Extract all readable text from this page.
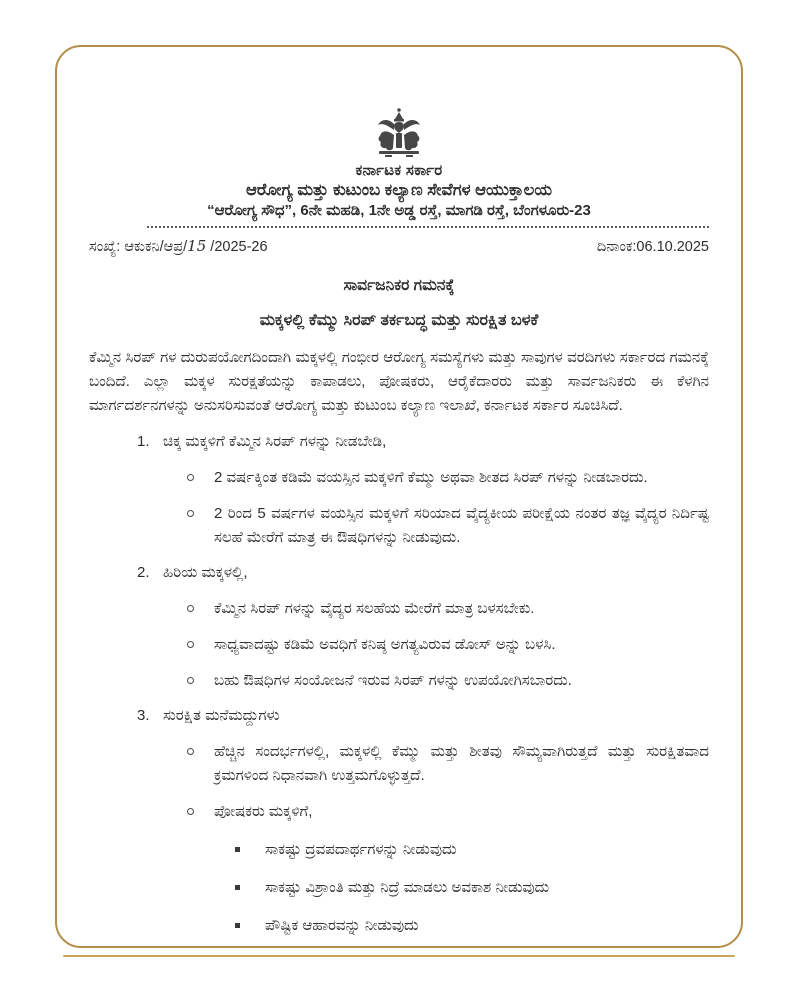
ಕರ್ನಾಟಕ ಸರ್ಕಾರ
ಆರೋಗ್ಯ ಮತ್ತು ಕುಟುಂಬ ಕಲ್ಯಾಣ ಸೇವೆಗಳ ಆಯುಕ್ತಾಲಯ
“ಆರೋಗ್ಯ ಸೌಧ”, 6ನೇ ಮಹಡಿ, 1ನೇ ಅಡ್ಡ ರಸ್ತೆ, ಮಾಗಡಿ ರಸ್ತೆ, ಬೆಂಗಳೂರು-23
ಸಂಖ್ಯೆ: ಆಕುಕನಿ/ಆಪ್ರ/15 /2025-26	ದಿನಾಂಕ:06.10.2025
ಸಾರ್ವಜನಿಕರ ಗಮನಕ್ಕೆ
ಮಕ್ಕಳಲ್ಲಿ ಕೆಮ್ಮು ಸಿರಪ್ ತರ್ಕಬದ್ಧ ಮತ್ತು ಸುರಕ್ಷಿತ ಬಳಕೆ
ಕೆಮ್ಮಿನ ಸಿರಪ್ ಗಳ ದುರುಪಯೋಗದಿಂದಾಗಿ ಮಕ್ಕಳಲ್ಲಿ ಗಂಭೀರ ಆರೋಗ್ಯ ಸಮಸ್ಯೆಗಳು ಮತ್ತು ಸಾವುಗಳ ವರದಿಗಳು ಸರ್ಕಾರದ ಗಮನಕ್ಕೆ ಬಂದಿದೆ. ಎಲ್ಲಾ ಮಕ್ಕಳ ಸುರಕ್ಷತೆಯನ್ನು ಕಾಪಾಡಲು, ಪೋಷಕರು, ಆರೈಕೆದಾರರು ಮತ್ತು ಸಾರ್ವಜನಿಕರು ಈ ಕೆಳಗಿನ ಮಾರ್ಗದರ್ಶನಗಳನ್ನು ಅನುಸರಿಸುವಂತೆ ಆರೋಗ್ಯ ಮತ್ತು ಕುಟುಂಬ ಕಲ್ಯಾಣ ಇಲಾಖೆ, ಕರ್ನಾಟಕ ಸರ್ಕಾರ ಸೂಚಿಸಿದೆ.
1. ಚಿಕ್ಕ ಮಕ್ಕಳಿಗೆ ಕೆಮ್ಮಿನ ಸಿರಪ್ ಗಳನ್ನು ನೀಡಬೇಡಿ,
2 ವರ್ಷಕ್ಕಿಂತ ಕಡಿಮೆ ವಯಸ್ಸಿನ ಮಕ್ಕಳಿಗೆ ಕೆಮ್ಮು ಅಥವಾ ಶೀತದ ಸಿರಪ್ ಗಳನ್ನು ನೀಡಬಾರದು.
2 ರಿಂದ 5 ವರ್ಷಗಳ ವಯಸ್ಸಿನ ಮಕ್ಕಳಿಗೆ ಸರಿಯಾದ ವೈದ್ಯಕೀಯ ಪರೀಕ್ಷೆಯ ನಂತರ ತಜ್ಞ ವೈದ್ಯರ ನಿರ್ದಿಷ್ಟ ಸಲಹೆ ಮೇರೆಗೆ ಮಾತ್ರ ಈ ಔಷಧಿಗಳನ್ನು ನೀಡುವುದು.
2. ಹಿರಿಯ ಮಕ್ಕಳಲ್ಲಿ,
ಕೆಮ್ಮಿನ ಸಿರಪ್ ಗಳನ್ನು ವೈದ್ಯರ ಸಲಹೆಯ ಮೇರೆಗೆ ಮಾತ್ರ ಬಳಸಬೇಕು.
ಸಾಧ್ಯವಾದಷ್ಟು ಕಡಿಮೆ ಅವಧಿಗೆ ಕನಿಷ್ಠ ಅಗತ್ಯವಿರುವ ಡೋಸ್ ಅನ್ನು ಬಳಸಿ.
ಬಹು ಔಷಧಿಗಳ ಸಂಯೋಜನೆ ಇರುವ ಸಿರಪ್ ಗಳನ್ನು ಉಪಯೋಗಿಸಬಾರದು.
3. ಸುರಕ್ಷಿತ ಮನೆಮದ್ದುಗಳು
ಹೆಚ್ಚಿನ ಸಂದರ್ಭಗಳಲ್ಲಿ, ಮಕ್ಕಳಲ್ಲಿ ಕೆಮ್ಮು ಮತ್ತು ಶೀತವು ಸೌಮ್ಯವಾಗಿರುತ್ತದೆ ಮತ್ತು ಸುರಕ್ಷಿತವಾದ ಕ್ರಮಗಳಿಂದ ನಿಧಾನವಾಗಿ ಉತ್ತಮಗೊಳ್ಳುತ್ತದೆ.
ಪೋಷಕರು ಮಕ್ಕಳಿಗೆ,
ಸಾಕಷ್ಟು ದ್ರವಪದಾರ್ಥಗಳನ್ನು ನೀಡುವುದು
ಸಾಕಷ್ಟು ವಿಶ್ರಾಂತಿ ಮತ್ತು ನಿದ್ರೆ ಮಾಡಲು ಅವಕಾಶ ನೀಡುವುದು
ಪೌಷ್ಟಿಕ ಆಹಾರವನ್ನು ನೀಡುವುದು
